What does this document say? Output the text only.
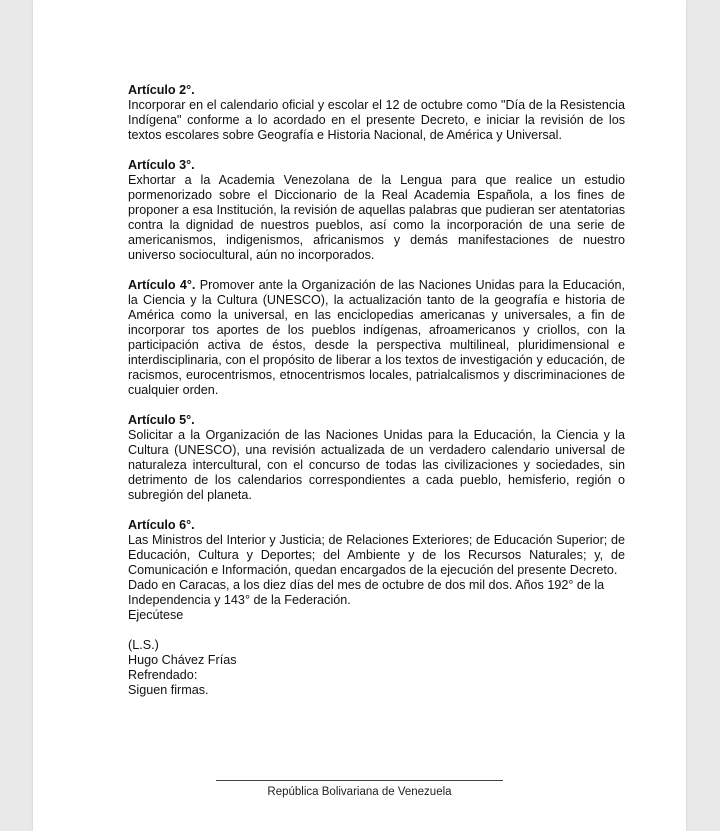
Artículo 2°.

Incorporar en el calendario oficial y escolar el 12 de octubre como "Día de la Resistencia Indígena" conforme a lo acordado en el presente Decreto, e iniciar la revisión de los textos escolares sobre Geografía e Historia Nacional, de América y Universal.

Artículo 3°.

Exhortar a la Academia Venezolana de la Lengua para que realice un estudio pormenorizado sobre el Diccionario de la Real Academia Española, a los fines de proponer a esa Institución, la revisión de aquellas palabras que pudieran ser atentatorias contra la dignidad de nuestros pueblos, así como la incorporación de una serie de americanismos, indigenismos, africanismos y demás manifestaciones de nuestro universo sociocultural, aún no incorporados.

Artículo 4°. Promover ante la Organización de las Naciones Unidas para la Educación, la Ciencia y la Cultura (UNESCO), la actualización tanto de la geografía e historia de América como la universal, en las enciclopedias americanas y universales, a fin de incorporar tos aportes de los pueblos indígenas, afroamericanos y criollos, con la participación activa de éstos, desde la perspectiva multilineal, pluridimensional e interdisciplinaria, con el propósito de liberar a los textos de investigación y educación, de racismos, eurocentrismos, etnocentrismos locales, patrialcalismos y discriminaciones de cualquier orden.

Artículo 5°.

Solicitar a la Organización de las Naciones Unidas para la Educación, la Ciencia y la Cultura (UNESCO), una revisión actualizada de un verdadero calendario universal de naturaleza intercultural, con el concurso de todas las civilizaciones y sociedades, sin detrimento de los calendarios correspondientes a cada pueblo, hemisferio, región o subregión del planeta.

Artículo 6°.

Las Ministros del Interior y Justicia; de Relaciones Exteriores; de Educación Superior; de Educación, Cultura y Deportes; del Ambiente y de los Recursos Naturales; y, de Comunicación e Información, quedan encargados de la ejecución del presente Decreto.

Dado en Caracas, a los diez días del mes de octubre de dos mil dos. Años 192° de la Independencia y 143° de la Federación.

Ejecútese

(L.S.)

Hugo Chávez Frías

Refrendado:

Siguen firmas.

República Bolivariana de Venezuela
